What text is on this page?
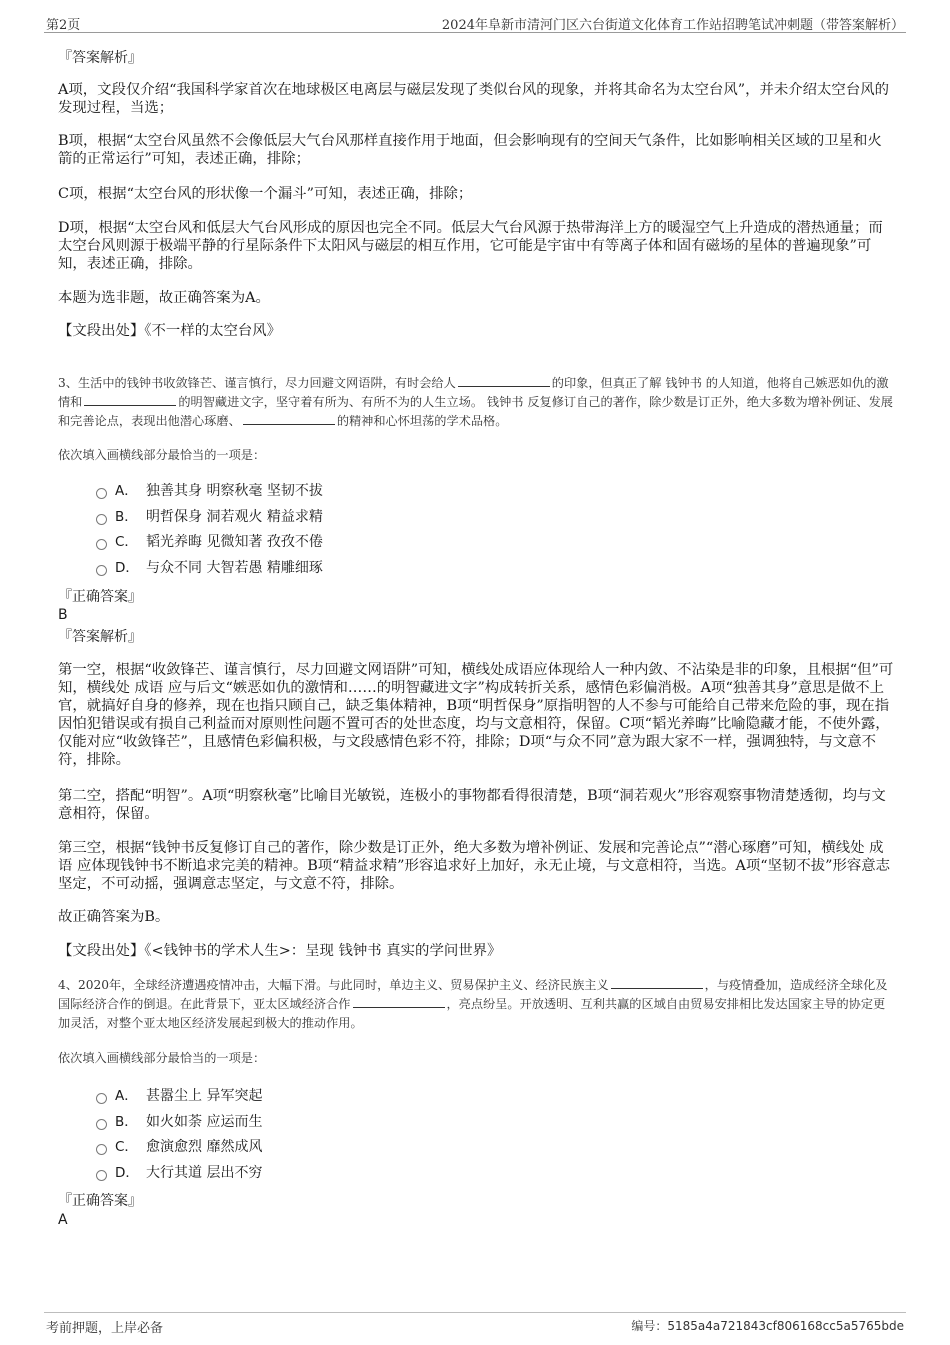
第2页	2024年阜新市清河门区六台街道文化体育工作站招聘笔试冲刺题（带答案解析）
『答案解析』
A项，文段仅介绍“我国科学家首次在地球极区电离层与磁层发现了类似台风的现象，并将其命名为太空台风”，并未介绍太空台风的发现过程，当选；
B项，根据“太空台风虽然不会像低层大气台风那样直接作用于地面，但会影响现有的空间天气条件，比如影响相关区域的卫星和火箭的正常运行”可知，表述正确，排除；
C项，根据“太空台风的形状像一个漏斗”可知，表述正确，排除；
D项，根据“太空台风和低层大气台风形成的原因也完全不同。低层大气台风源于热带海洋上方的暖湿空气上升造成的潜热通量；而太空台风则源于极端平静的行星际条件下太阳风与磁层的相互作用，它可能是宇宙中有等离子体和固有磁场的星体的普遍现象”可知，表述正确，排除。
本题为选非题，故正确答案为A。
【文段出处】《不一样的太空台风》
3、生活中的钱钟书收敛锋芒、谨言慎行，尽力回避文网语阱，有时会给人	的印象，但真正了解 钱钟书 的人知道，他将自己嫉恶如仇的激情和	的明智藏进文字，坚守着有所为、有所不为的人生立场。 钱钟书 反复修订自己的著作，除少数是订正外，绝大多数为增补例证、发展和完善论点，表现出他潜心琢磨、	的精神和心怀坦荡的学术品格。
依次填入画横线部分最恰当的一项是：
A． 独善其身 明察秋毫 坚韧不拔
B． 明哲保身 洞若观火 精益求精
C． 韬光养晦 见微知著 孜孜不倦
D． 与众不同 大智若愚 精雕细琢
『正确答案』
B
『答案解析』
第一空，根据“收敛锋芒、谨言慎行，尽力回避文网语阱”可知，横线处成语应体现给人一种内敛、不沾染是非的印象，且根据“但”可知，横线处 成语 应与后文“嫉恶如仇的激情和……的明智藏进文字”构成转折关系，感情色彩偏消极。A项“独善其身”意思是做不上官，就搞好自身的修养，现在也指只顾自己，缺乏集体精神，B项“明哲保身”原指明智的人不参与可能给自己带来危险的事，现在指因怕犯错误或有损自己利益而对原则性问题不置可否的处世态度，均与文意相符，保留。C项“韬光养晦”比喻隐藏才能，不使外露，仅能对应“收敛锋芒”，且感情色彩偏积极，与文段感情色彩不符，排除；D项“与众不同”意为跟大家不一样，强调独特，与文意不符，排除。
第二空，搭配“明智”。A项“明察秋毫”比喻目光敏锐，连极小的事物都看得很清楚，B项“洞若观火”形容观察事物清楚透彻，均与文意相符，保留。
第三空，根据“钱钟书反复修订自己的著作，除少数是订正外，绝大多数为增补例证、发展和完善论点”“潜心琢磨”可知，横线处 成语 应体现钱钟书不断追求完美的精神。B项“精益求精”形容追求好上加好，永无止境，与文意相符，当选。A项“坚韧不拔”形容意志坚定，不可动摇，强调意志坚定，与文意不符，排除。
故正确答案为B。
【文段出处】《<钱钟书的学术人生>：呈现 钱钟书 真实的学问世界》
4、2020年，全球经济遭遇疫情冲击，大幅下滑。与此同时，单边主义、贸易保护主义、经济民族主义	，与疫情叠加，造成经济全球化及国际经济合作的倒退。在此背景下，亚太区域经济合作	，亮点纷呈。开放透明、互利共赢的区域自由贸易安排相比发达国家主导的协定更加灵活，对整个亚太地区经济发展起到极大的推动作用。
依次填入画横线部分最恰当的一项是：
A． 甚嚣尘上 异军突起
B． 如火如荼 应运而生
C． 愈演愈烈 靡然成风
D． 大行其道 层出不穷
『正确答案』
A
考前押题，上岸必备	编号：5185a4a721843cf806168cc5a5765bde
